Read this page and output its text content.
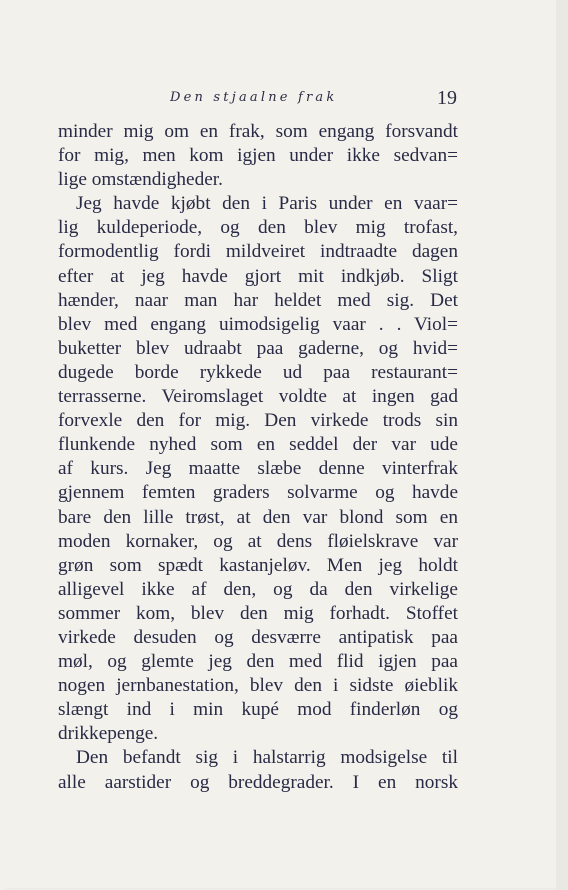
Den stjaalne frak	19
minder mig om en frak, som engang forsvandt
for mig, men kom igjen under ikke sedvan=
lige omstændigheder.
Jeg havde kjøbt den i Paris under en vaar=
lig kuldeperiode, og den blev mig trofast,
formodentlig fordi mildveiret indtraadte dagen
efter at jeg havde gjort mit indkjøb. Sligt
hænder, naar man har heldet med sig. Det
blev med engang uimodsigelig vaar . . Viol=
buketter blev udraabt paa gaderne, og hvid=
dugede borde rykkede ud paa restaurant=
terrasserne. Veiromslaget voldte at ingen gad
forvexle den for mig. Den virkede trods sin
flunkende nyhed som en seddel der var ude
af kurs. Jeg maatte slæbe denne vinterfrak
gjennem femten graders solvarme og havde
bare den lille trøst, at den var blond som en
moden kornaker, og at dens fløielskrave var
grøn som spædt kastanjeløv. Men jeg holdt
alligevel ikke af den, og da den virkelige
sommer kom, blev den mig forhadt. Stoffet
virkede desuden og desværre antipatisk paa
møl, og glemte jeg den med flid igjen paa
nogen jernbanestation, blev den i sidste øieblik
slængt ind i min kupé mod finderløn og
drikkepenge.
Den befandt sig i halstarrig modsigelse til
alle aarstider og breddegrader. I en norsk
